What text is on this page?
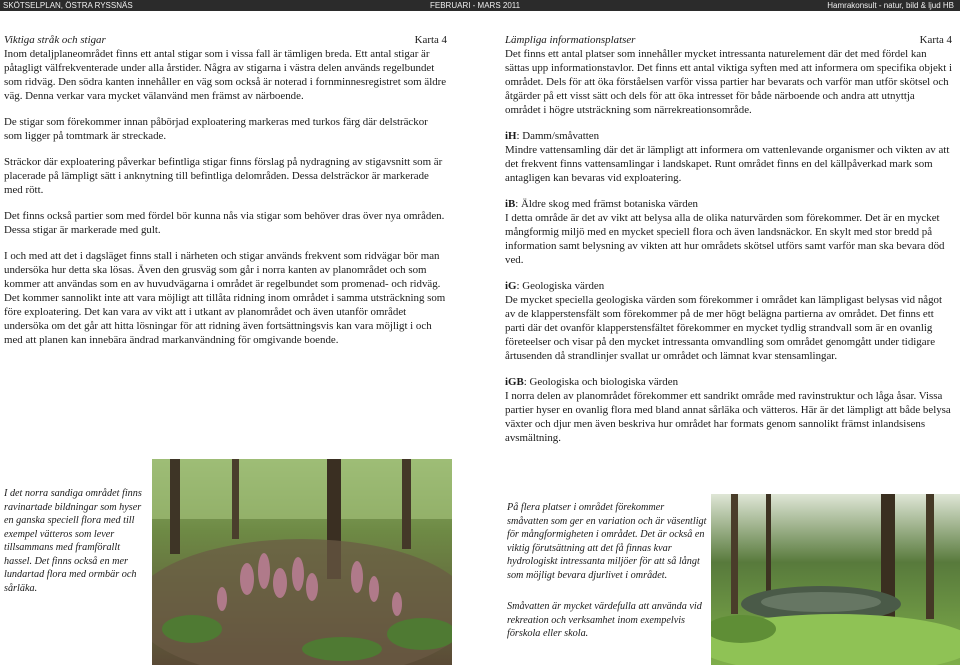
SKÖTSELPLAN, ÖSTRA RYSSNÄS	FEBRUARI - MARS 2011	Hamrakonsult - natur, bild & ljud HB
Viktiga stråk och stigar	Karta 4

Inom detaljplaneområdet finns ett antal stigar som i vissa fall är tämligen breda. Ett antal stigar är påtagligt välfrekventerade under alla årstider. Några av stigarna i västra delen används regelbundet som ridväg. Den södra kanten innehåller en väg som också är noterad i fornminnesregistret som äldre väg. Denna verkar vara mycket välanvänd men främst av närboende.

De stigar som förekommer innan påbörjad exploatering markeras med turkos färg där delsträckor som ligger på tomtmark är streckade.

Sträckor där exploatering påverkar befintliga stigar finns förslag på nydragning av stigavsnitt som är placerade på lämpligt sätt i anknytning till befintliga delområden. Dessa delsträckor är markerade med rött.

Det finns också partier som med fördel bör kunna nås via stigar som behöver dras över nya områden. Dessa stigar är markerade med gult.

I och med att det i dagsläget finns stall i närheten och stigar används frekvent som ridvägar bör man undersöka hur detta ska lösas. Även den grusväg som går i norra kanten av planområdet och som kommer att användas som en av huvudvägarna i området är regelbundet som promenad- och ridväg. Det kommer sannolikt inte att vara möjligt att tillåta ridning inom området i samma utsträckning som före exploatering. Det kan vara av vikt att i utkant av planområdet och även utanför området undersöka om det går att hitta lösningar för att ridning även fortsättningsvis kan vara möjligt i och med att planen kan innebära ändrad markanvändning för omgivande boende.

Lämpliga informationsplatser	Karta 4

Det finns ett antal platser som innehåller mycket intressanta naturelement där det med fördel kan sättas upp informationstavlor. Det finns ett antal viktiga syften med att informera om specifika objekt i området. Dels för att öka förståelsen varför vissa partier har bevarats och varför man utför skötsel och åtgärder på ett visst sätt och dels för att öka intresset för både närboende och andra att utnyttja området i högre utsträckning som närrekreationsområde.

iH: Damm/småvatten

Mindre vattensamling där det är lämpligt att informera om vattenlevande organismer och vikten av att det frekvent finns vattensamlingar i landskapet. Runt området finns en del källpåverkad mark som antagligen kan bevaras vid exploatering.

iB: Äldre skog med främst botaniska värden

I detta område är det av vikt att belysa alla de olika naturvärden som förekommer. Det är en mycket mångformig miljö med en mycket speciell flora och även landsnäckor. En skylt med stor bredd på information samt belysning av vikten att hur områdets skötsel utförs samt varför man ska bevara död ved.

iG: Geologiska värden

De mycket speciella geologiska värden som förekommer i området kan lämpligast belysas vid något av de klapperstensfält som förekommer på de mer högt belägna partierna av området. Det finns ett parti där det ovanför klapperstensfältet förekommer en mycket tydlig strandvall som är en ovanlig företeelser och visar på den mycket intressanta omvandling som området genomgått under tidigare årtusenden då strandlinjer svallat ur området och lämnat kvar stensamlingar.

iGB: Geologiska och biologiska värden

I norra delen av planområdet förekommer ett sandrikt område med ravinstruktur och låga åsar. Vissa partier hyser en ovanlig flora med bland annat sårläka och vätteros. Här är det lämpligt att både belysa växter och djur men även beskriva hur området har formats genom sannolikt främst inlandsisens avsmältning.

I det norra sandiga området finns ravinartade bildningar som hyser en ganska speciell flora med till exempel vätteros som lever tillsammans med framförallt hassel. Det finns också en mer lundartad flora med ormbär och sårläka.
På flera platser i området förekommer småvatten som ger en variation och är väsentligt för mångformigheten i området. Det är också en viktig förutsättning att det få finnas kvar hydrologiskt intressanta miljöer för att så långt som möjligt bevara djurlivet i området.
Småvatten är mycket värdefulla att använda vid rekreation och verksamhet inom exempelvis förskola eller skola.
